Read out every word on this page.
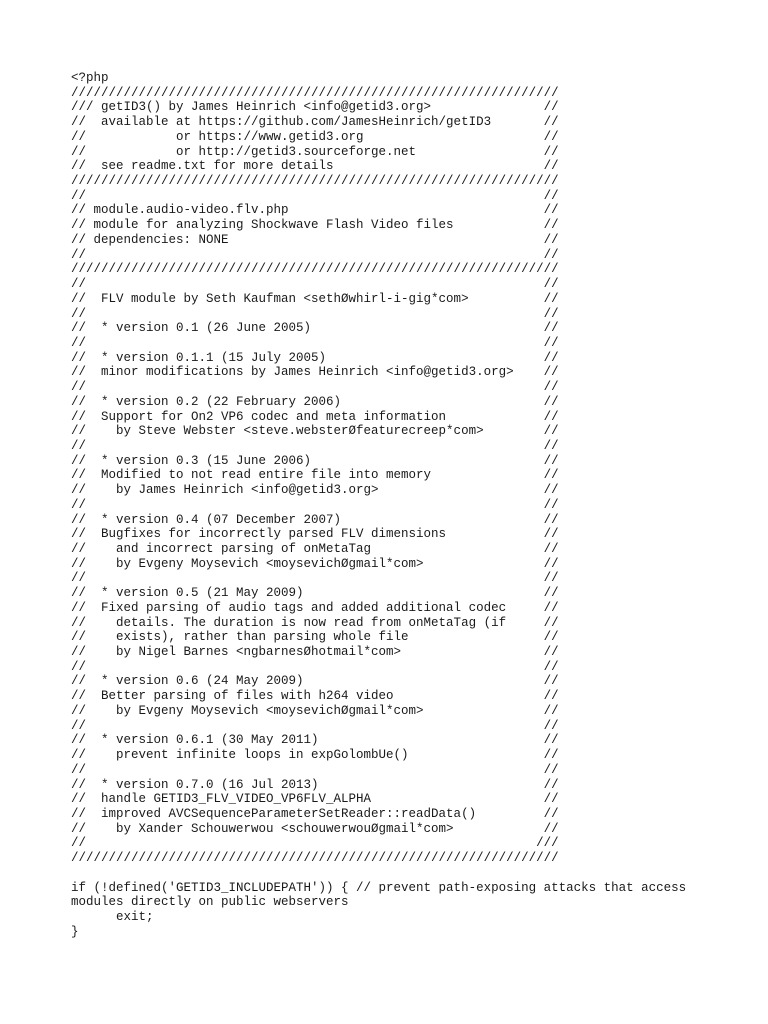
<?php
/////////////////////////////////////////////////////////////////
/// getID3() by James Heinrich <info@getid3.org>               //
//  available at https://github.com/JamesHeinrich/getID3       //
//            or https://www.getid3.org                        //
//            or http://getid3.sourceforge.net                 //
//  see readme.txt for more details                            //
/////////////////////////////////////////////////////////////////
//                                                             //
// module.audio-video.flv.php                                  //
// module for analyzing Shockwave Flash Video files            //
// dependencies: NONE                                          //
//                                                             //
/////////////////////////////////////////////////////////////////
//                                                             //
//  FLV module by Seth Kaufman <sethØwhirl-i-gig*com>          //
//                                                             //
//  * version 0.1 (26 June 2005)                               //
//                                                             //
//  * version 0.1.1 (15 July 2005)                             //
//  minor modifications by James Heinrich <info@getid3.org>    //
//                                                             //
//  * version 0.2 (22 February 2006)                           //
//  Support for On2 VP6 codec and meta information             //
//    by Steve Webster <steve.websterØfeaturecreep*com>        //
//                                                             //
//  * version 0.3 (15 June 2006)                               //
//  Modified to not read entire file into memory               //
//    by James Heinrich <info@getid3.org>                      //
//                                                             //
//  * version 0.4 (07 December 2007)                           //
//  Bugfixes for incorrectly parsed FLV dimensions             //
//    and incorrect parsing of onMetaTag                       //
//    by Evgeny Moysevich <moysevichØgmail*com>                //
//                                                             //
//  * version 0.5 (21 May 2009)                                //
//  Fixed parsing of audio tags and added additional codec     //
//    details. The duration is now read from onMetaTag (if     //
//    exists), rather than parsing whole file                  //
//    by Nigel Barnes <ngbarnesØhotmail*com>                   //
//                                                             //
//  * version 0.6 (24 May 2009)                                //
//  Better parsing of files with h264 video                    //
//    by Evgeny Moysevich <moysevichØgmail*com>                //
//                                                             //
//  * version 0.6.1 (30 May 2011)                              //
//    prevent infinite loops in expGolombUe()                  //
//                                                             //
//  * version 0.7.0 (16 Jul 2013)                              //
//  handle GETID3_FLV_VIDEO_VP6FLV_ALPHA                       //
//  improved AVCSequenceParameterSetReader::readData()         //
//    by Xander Schouwerwou <schouwerwouØgmail*com>            //
//                                                            ///
/////////////////////////////////////////////////////////////////
if (!defined('GETID3_INCLUDEPATH')) { // prevent path-exposing attacks that access
modules directly on public webservers
exit;
}
